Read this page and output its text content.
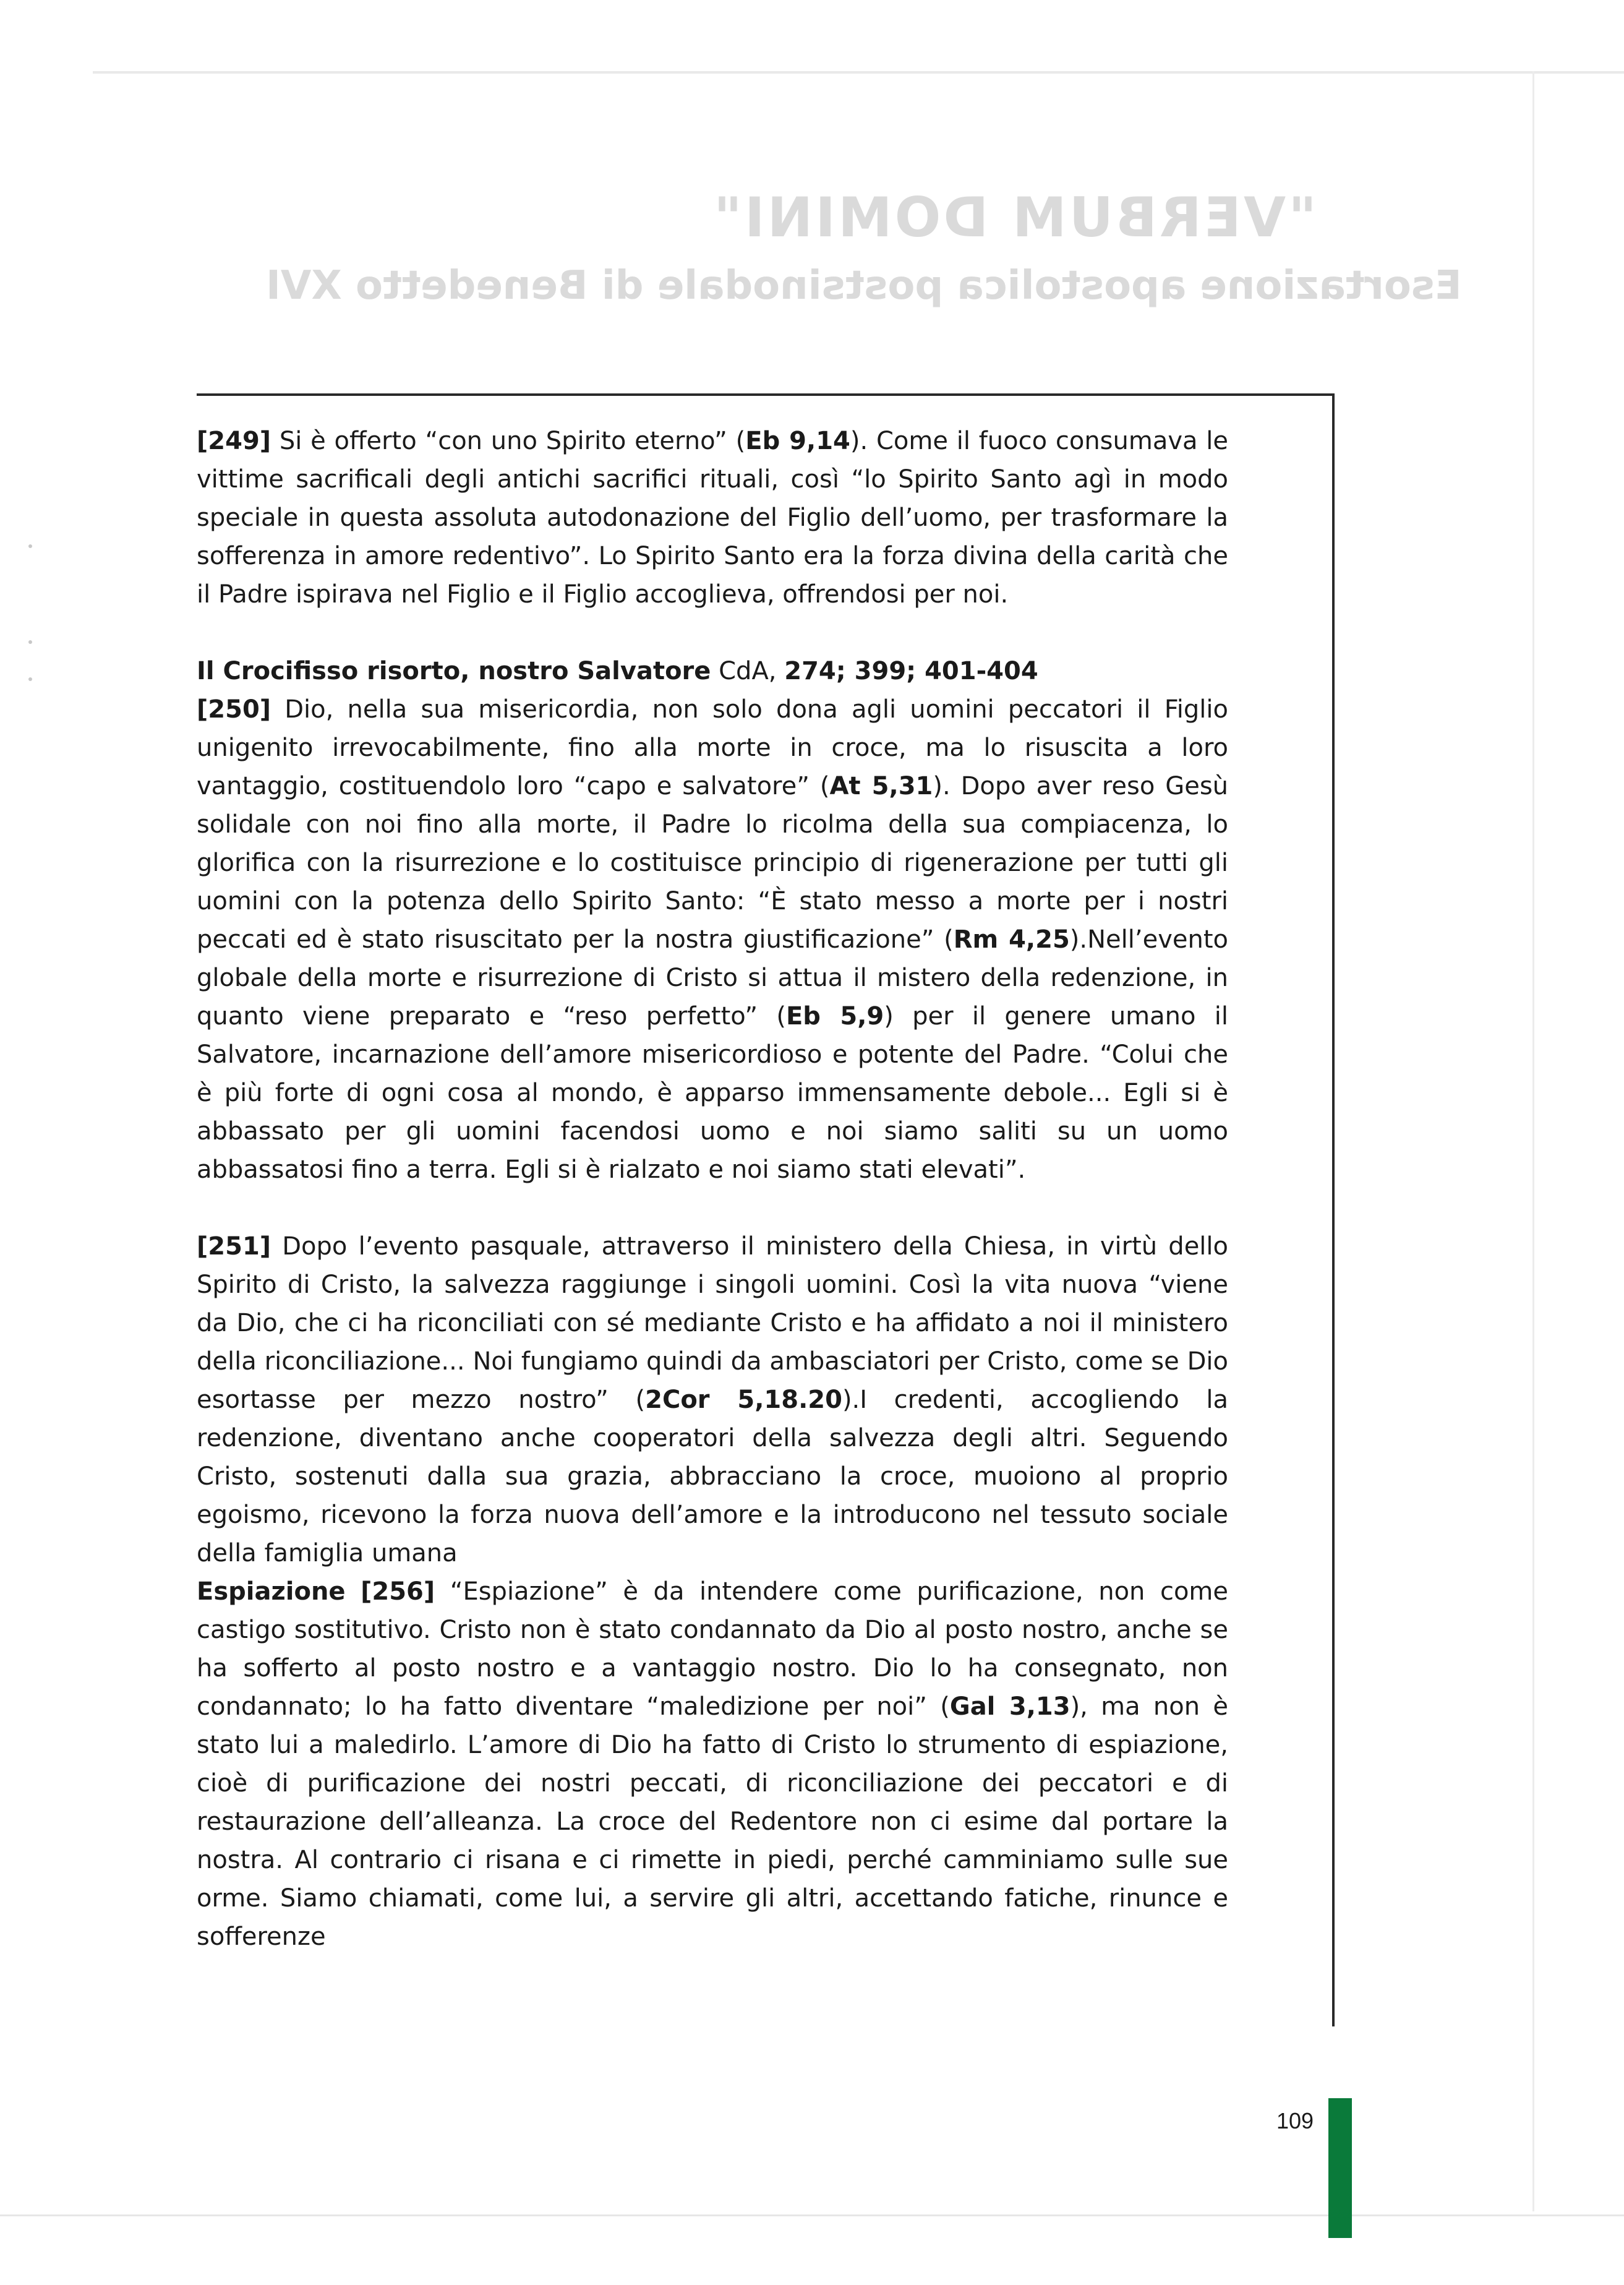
"VERBUM DOMINI"
Esortazione apostolica postsinodale di Benedetto XVI

[249] Si è offerto “con uno Spirito eterno” (Eb 9,14). Come il fuoco consumava le vittime sacrificali degli antichi sacrifici rituali, così “lo Spirito Santo agì in modo speciale in questa assoluta autodonazione del Figlio dell’uomo, per trasformare la sofferenza in amore redentivo”. Lo Spirito Santo era la forza divina della carità che il Padre ispirava nel Figlio e il Figlio accoglieva, offrendosi per noi.

Il Crocifisso risorto, nostro Salvatore CdA, 274; 399; 401-404

[250] Dio, nella sua misericordia, non solo dona agli uomini peccatori il Figlio unigenito irrevocabilmente, fino alla morte in croce, ma lo risuscita a loro vantaggio, costituendolo loro “capo e salvatore” (At 5,31). Dopo aver reso Gesù solidale con noi fino alla morte, il Padre lo ricolma della sua compiacenza, lo glorifica con la risurrezione e lo costituisce principio di rigenerazione per tutti gli uomini con la potenza dello Spirito Santo: “È stato messo a morte per i nostri peccati ed è stato risuscitato per la nostra giustificazione” (Rm 4,25).Nell’evento globale della morte e risurrezione di Cristo si attua il mistero della redenzione, in quanto viene preparato e “reso perfetto” (Eb 5,9) per il genere umano il Salvatore, incarnazione dell’amore misericordioso e potente del Padre. “Colui che è più forte di ogni cosa al mondo, è apparso immensamente debole... Egli si è abbassato per gli uomini facendosi uomo e noi siamo saliti su un uomo abbassatosi fino a terra. Egli si è rialzato e noi siamo stati elevati”.

[251] Dopo l’evento pasquale, attraverso il ministero della Chiesa, in virtù dello Spirito di Cristo, la salvezza raggiunge i singoli uomini. Così la vita nuova “viene da Dio, che ci ha riconciliati con sé mediante Cristo e ha affidato a noi il ministero della riconciliazione... Noi fungiamo quindi da ambasciatori per Cristo, come se Dio esortasse per mezzo nostro” (2Cor 5,18.20).I credenti, accogliendo la redenzione, diventano anche cooperatori della salvezza degli altri. Seguendo Cristo, sostenuti dalla sua grazia, abbracciano la croce, muoiono al proprio egoismo, ricevono la forza nuova dell’amore e la introducono nel tessuto sociale della famiglia umana

Espiazione [256] “Espiazione” è da intendere come purificazione, non come castigo sostitutivo. Cristo non è stato condannato da Dio al posto nostro, anche se ha sofferto al posto nostro e a vantaggio nostro. Dio lo ha consegnato, non condannato; lo ha fatto diventare “maledizione per noi” (Gal 3,13), ma non è stato lui a maledirlo. L’amore di Dio ha fatto di Cristo lo strumento di espiazione, cioè di purificazione dei nostri peccati, di riconciliazione dei peccatori e di restaurazione dell’alleanza. La croce del Redentore non ci esime dal portare la nostra. Al contrario ci risana e ci rimette in piedi, perché camminiamo sulle sue orme. Siamo chiamati, come lui, a servire gli altri, accettando fatiche, rinunce e sofferenze

109
